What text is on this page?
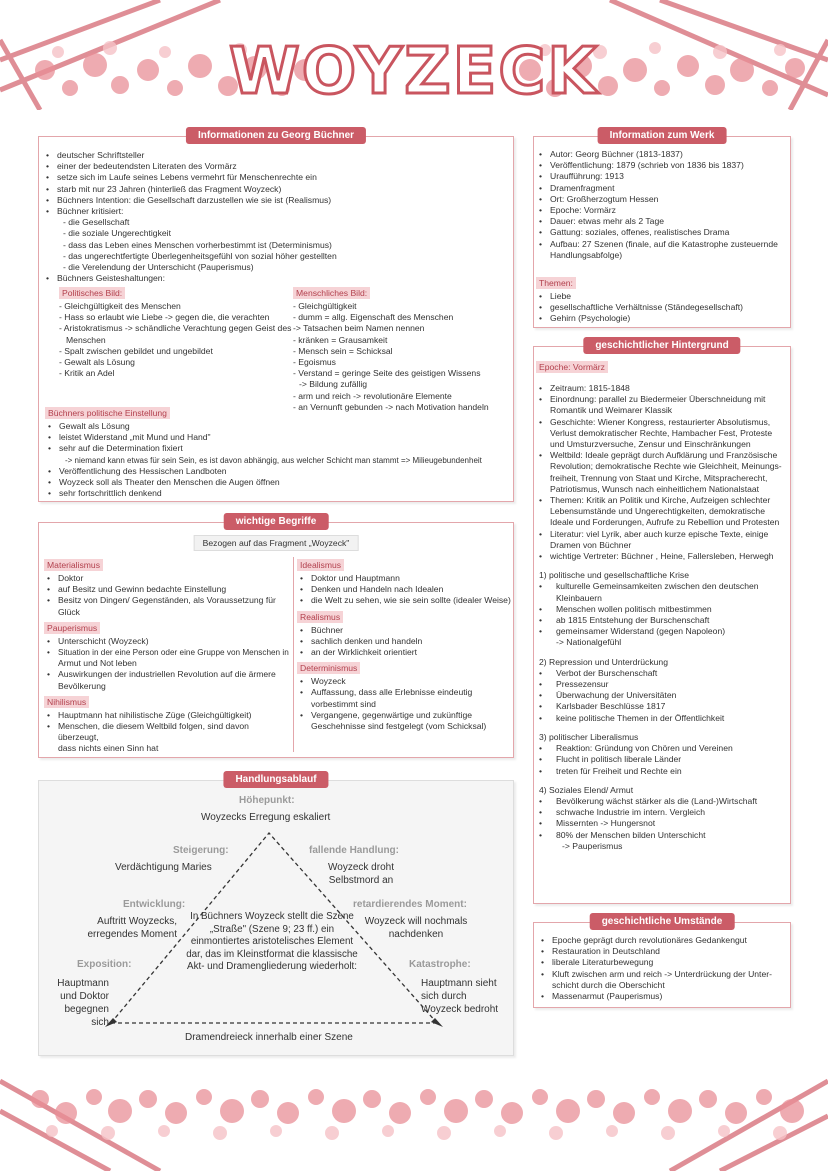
WOYZECK
Informationen zu Georg Büchner
• deutscher Schriftsteller
• einer der bedeutendsten Literaten des Vormärz
• setze sich im Laufe seines Lebens vermehrt für Menschenrechte ein
• starb mit nur 23 Jahren (hinterließ das Fragment Woyzeck)
• Büchners Intention: die Gesellschaft darzustellen wie sie ist (Realismus)
• Büchner kritisiert:
- die Gesellschaft
- die soziale Ungerechtigkeit
- dass das Leben eines Menschen vorherbestimmt ist (Determinismus)
- das ungerechtfertigte Überlegenheitsgefühl von sozial höher gestellten
- die Verelendung der Unterschicht (Pauperismus)
• Büchners Geisteshaltungen:
Politisches Bild:
- Gleichgültigkeit des Menschen
- Hass so erlaubt wie Liebe -> gegen die, die verachten
- Aristokratismus -> schändliche Verachtung gegen Geist des
Menschen
- Spalt zwischen gebildet und ungebildet
- Gewalt als Lösung
- Kritik an Adel
Menschliches Bild:
- Gleichgültigkeit
- dumm = allg. Eigenschaft des Menschen
-> Tatsachen beim Namen nennen
- kränken = Grausamkeit
- Mensch sein = Schicksal
- Egoismus
- Verstand = geringe Seite des geistigen Wissens
-> Bildung zufällig
- arm und reich -> revolutionäre Elemente
- an Vernunft gebunden -> nach Motivation handeln
Büchners politische Einstellung
• Gewalt als Lösung
• leistet Widerstand „mit Mund und Hand"
• sehr auf die Determination fixiert
-> niemand kann etwas für sein Sein, es ist davon abhängig, aus welcher Schicht man stammt => Milieugebundenheit
• Veröffentlichung des Hessischen Landboten
• Woyzeck soll als Theater den Menschen die Augen öffnen
• sehr fortschrittlich denkend
Information zum Werk
• Autor: Georg Büchner (1813-1837)
• Veröffentlichung: 1879 (schrieb von 1836 bis 1837)
• Uraufführung: 1913
• Dramenfragment
• Ort: Großherzogtum Hessen
• Epoche: Vormärz
• Dauer: etwas mehr als 2 Tage
• Gattung: soziales, offenes, realistisches Drama
• Aufbau: 27 Szenen (finale, auf die Katastrophe zusteuernde
Handlungsabfolge)
Themen:
• Liebe
• gesellschaftliche Verhältnisse (Ständegesellschaft)
• Gehirn (Psychologie)
geschichtlicher Hintergrund
Epoche: Vormärz
• Zeitraum: 1815-1848
• Einordnung: parallel zu Biedermeier Überschneidung mit
Romantik und Weimarer Klassik
• Geschichte: Wiener Kongress, restaurierter Absolutismus,
Verlust demokratischer Rechte, Hambacher Fest, Proteste
und Umsturzversuche, Zensur und Einschränkungen
• Weltbild: Ideale geprägt durch Aufklärung und Französische
Revolution; demokratische Rechte wie Gleichheit, Meinungs-
freiheit, Trennung von Staat und Kirche, Mitspracherecht,
Patriotismus, Wunsch nach einheitlichem Nationalstaat
• Themen: Kritik an Politik und Kirche, Aufzeigen schlechter
Lebensumstände und Ungerechtigkeiten, demokratische
Ideale und Forderungen, Aufrufe zu Rebellion und Protesten
• Literatur: viel Lyrik, aber auch kurze epische Texte, einige
Dramen von Büchner
• wichtige Vertreter: Büchner , Heine, Fallersleben, Herwegh
1) politische und gesellschaftliche Krise
• kulturelle Gemeinsamkeiten zwischen den deutschen
Kleinbauern
• Menschen wollen politisch mitbestimmen
• ab 1815 Entstehung der Burschenschaft
• gemeinsamer Widerstand (gegen Napoleon)
-> Nationalgefühl
2) Repression und Unterdrückung
• Verbot der Burschenschaft
• Pressezensur
• Überwachung der Universitäten
• Karlsbader Beschlüsse 1817
• keine politische Themen in der Öffentlichkeit
3) politischer Liberalismus
• Reaktion: Gründung von Chören und Vereinen
• Flucht in politisch liberale Länder
• treten für Freiheit und Rechte ein
4) Soziales Elend/ Armut
• Bevölkerung wächst stärker als die (Land-)Wirtschaft
• schwache Industrie im intern. Vergleich
• Missernten -> Hungersnot
• 80% der Menschen bilden Unterschicht
-> Pauperismus
geschichtliche Umstände
• Epoche geprägt durch revolutionäres Gedankengut
• Restauration in Deutschland
• liberale Literaturbewegung
• Kluft zwischen arm und reich -> Unterdrückung der Unter-
schicht durch die Oberschicht
• Massenarmut (Pauperismus)
wichtige Begriffe
Bezogen auf das Fragment „Woyzeck"
Materialismus
• Doktor
• auf Besitz und Gewinn bedachte Einstellung
• Besitz von Dingen/ Gegenständen, als Voraussetzung für
Glück
Pauperismus
• Unterschicht (Woyzeck)
• Situation in der eine Person oder eine Gruppe von Menschen in
Armut und Not leben
• Auswirkungen der industriellen Revolution auf die ärmere
Bevölkerung
Nihilismus
• Hauptmann hat nihilistische Züge (Gleichgültigkeit)
• Menschen, die diesem Weltbild folgen, sind davon überzeugt,
dass nichts einen Sinn hat
Idealismus
• Doktor und Hauptmann
• Denken und Handeln nach Idealen
• die Welt zu sehen, wie sie sein sollte (idealer Weise)
Realismus
• Büchner
• sachlich denken und handeln
• an der Wirklichkeit orientiert
Determinismus
• Woyzeck
• Auffassung, dass alle Erlebnisse eindeutig
vorbestimmt sind
• Vergangene, gegenwärtige und zukünftige
Geschehnisse sind festgelegt (vom Schicksal)
Handlungsablauf
Höhepunkt:
Woyzecks Erregung eskaliert
Steigerung:
Verdächtigung Maries
fallende Handlung:
Woyzeck droht Selbstmord an
Entwicklung:
Auftritt Woyzecks, erregendes Moment
retardierendes Moment:
Woyzeck will nochmals nachdenken
In Büchners Woyzeck stellt die Szene „Straße" (Szene 9; 23 ff.) ein einmontiertes aristotelisches Element dar, das im Kleinstformat die klassische Akt- und Dramengliederung wiederholt:
Exposition:
Hauptmann und Doktor begegnen sich
Katastrophe:
Hauptmann sieht sich durch Woyzeck bedroht
Dramendreieck innerhalb einer Szene
